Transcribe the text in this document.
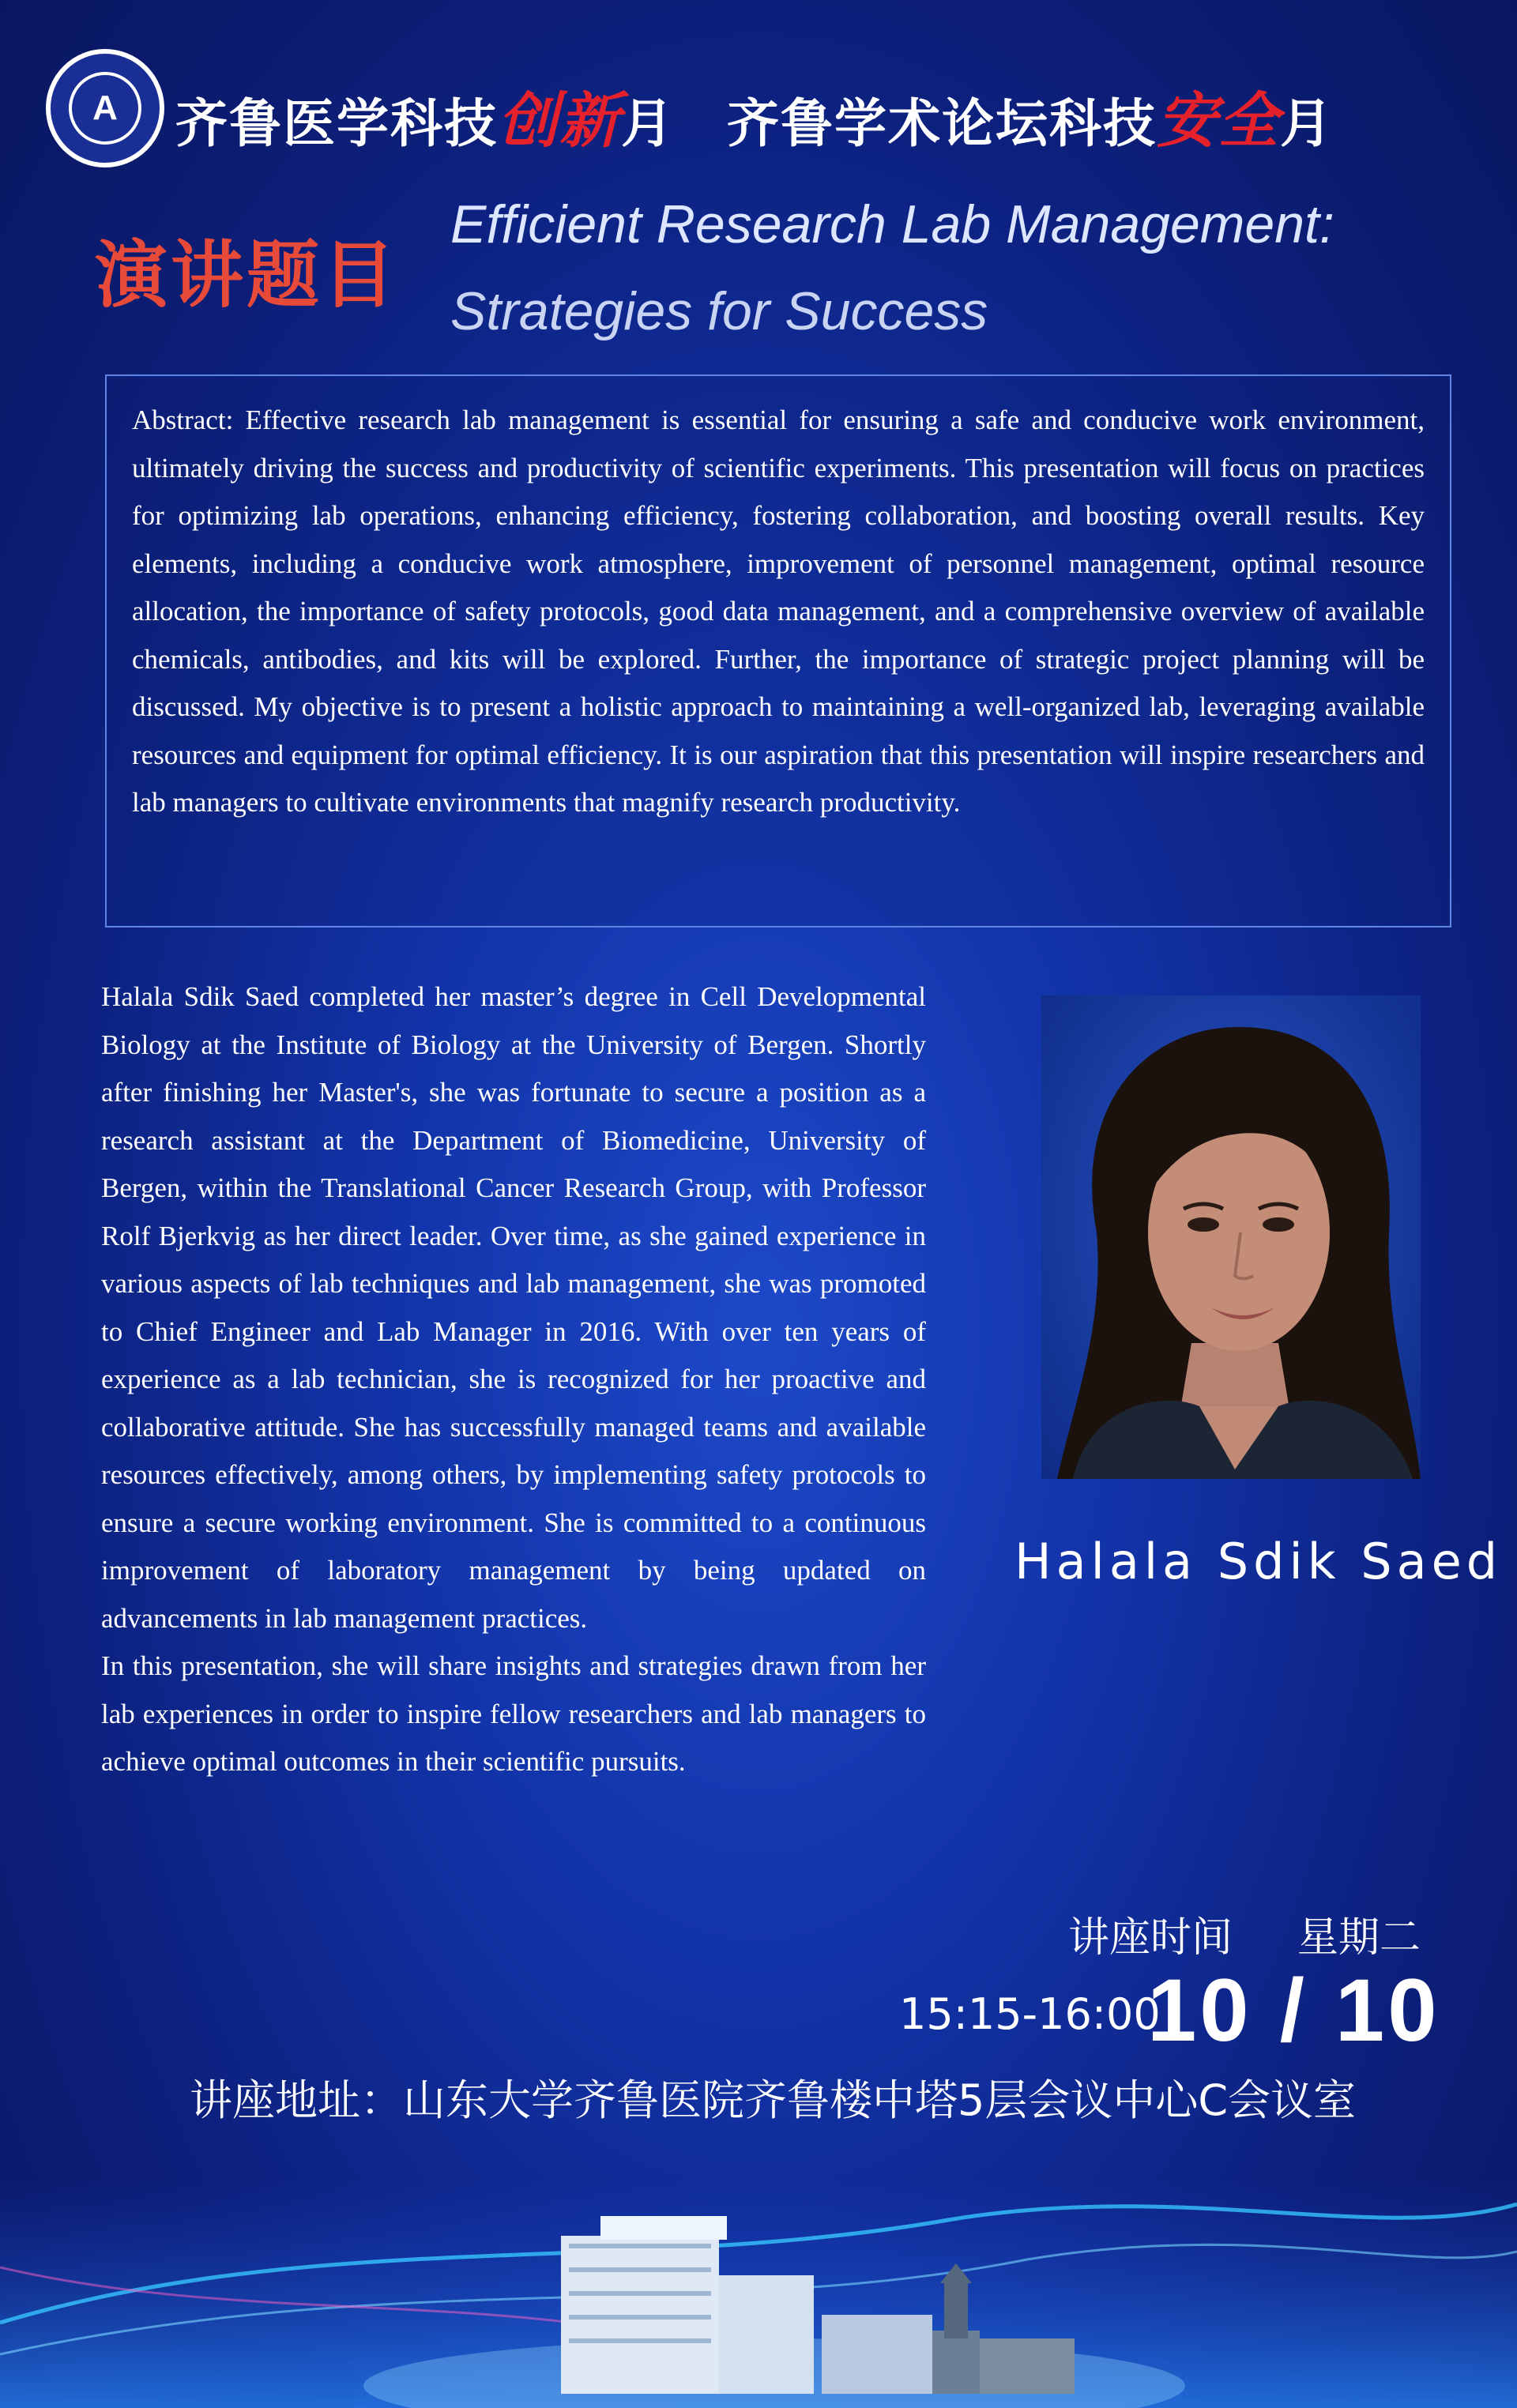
A 齐鲁医学科技创新月 齐鲁学术论坛科技安全月
演讲题目
Efficient Research Lab Management:
Strategies for Success

Abstract: Effective research lab management is essential for ensuring a safe and conducive work environment, ultimately driving the success and productivity of scientific experiments. This presentation will focus on practices for optimizing lab operations, enhancing efficiency, fostering collaboration, and boosting overall results. Key elements, including a conducive work atmosphere, improvement of personnel management, optimal resource allocation, the importance of safety protocols, good data management, and a comprehensive overview of available chemicals, antibodies, and kits will be explored. Further, the importance of strategic project planning will be discussed. My objective is to present a holistic approach to maintaining a well-organized lab, leveraging available resources and equipment for optimal efficiency. It is our aspiration that this presentation will inspire researchers and lab managers to cultivate environments that magnify research productivity.

Halala Sdik Saed completed her master’s degree in Cell Developmental Biology at the Institute of Biology at the University of Bergen. Shortly after finishing her Master's, she was fortunate to secure a position as a research assistant at the Department of Biomedicine, University of Bergen, within the Translational Cancer Research Group, with Professor Rolf Bjerkvig as her direct leader. Over time, as she gained experience in various aspects of lab techniques and lab management, she was promoted to Chief Engineer and Lab Manager in 2016. With over ten years of experience as a lab technician, she is recognized for her proactive and collaborative attitude. She has successfully managed teams and available resources effectively, among others, by implementing safety protocols to ensure a secure working environment. She is committed to a continuous improvement of laboratory management by being updated on advancements in lab management practices.

In this presentation, she will share insights and strategies drawn from her lab experiences in order to inspire fellow researchers and lab managers to achieve optimal outcomes in their scientific pursuits.

Halala Sdik Saed
讲座时间 星期二
15:15-16:00
10 / 10
讲座地址：山东大学齐鲁医院齐鲁楼中塔5层会议中心C会议室
